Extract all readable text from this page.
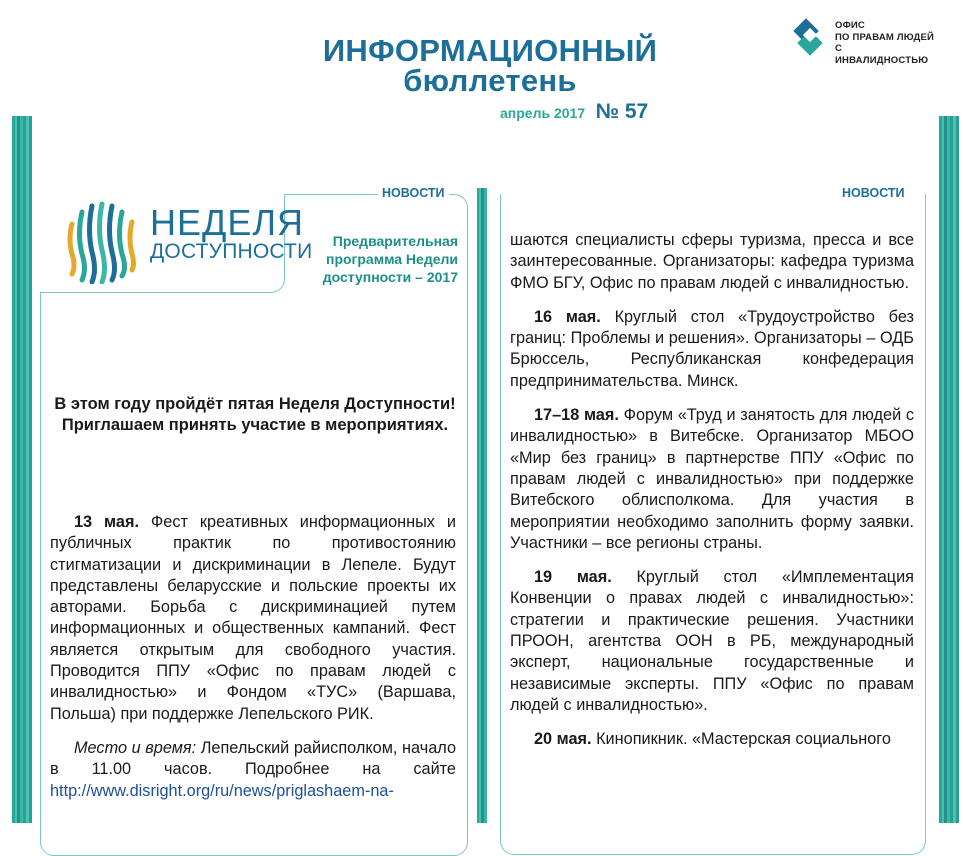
ИНФОРМАЦИОННЫЙ
бюллетень
апрель 2017 № 57
ОФИС
ПО ПРАВАМ ЛЮДЕЙ
С ИНВАЛИДНОСТЬЮ
НОВОСТИ	НОВОСТИ
НЕДЕЛЯ
ДОСТУПНОСТИ	Предварительная программа Недели доступности – 2017
В этом году пройдёт пятая Неделя Доступности! Приглашаем принять участие в мероприятиях.

13 мая. Фест креативных информационных и публичных практик по противостоянию стигматизации и дискриминации в Лепеле. Будут представлены беларусские и польские проекты их авторами. Борьба с дискриминацией путем информационных и общественных кампаний. Фест является открытым для свободного участия. Проводится ППУ «Офис по правам людей с инвалидностью» и Фондом «ТУС» (Варшава, Польша) при поддержке Лепельского РИК.

Место и время: Лепельский райисполком, начало в 11.00 часов. Подробнее на сайте http://www.disright.org/ru/news/priglashaem-na-

шаются специалисты сферы туризма, пресса и все заинтересованные. Организаторы: кафедра туризма ФМО БГУ, Офис по правам людей с инвалидностью.

16 мая. Круглый стол «Трудоустройство без границ: Проблемы и решения». Организаторы – ОДБ Брюссель, Республиканская конфедерация предпринимательства. Минск.

17–18 мая. Форум «Труд и занятость для людей с инвалидностью» в Витебске. Организатор МБОО «Мир без границ» в партнерстве ППУ «Офис по правам людей с инвалидностью» при поддержке Витебского облисполкома. Для участия в мероприятии необходимо заполнить форму заявки. Участники – все регионы страны.

19 мая. Круглый стол «Имплементация Конвенции о правах людей с инвалидностью»: стратегии и практические решения. Участники ПРООН, агентства ООН в РБ, международный эксперт, национальные государственные и независимые эксперты. ППУ «Офис по правам людей с инвалидностью».

20 мая. Кинопикник. «Мастерская социального
